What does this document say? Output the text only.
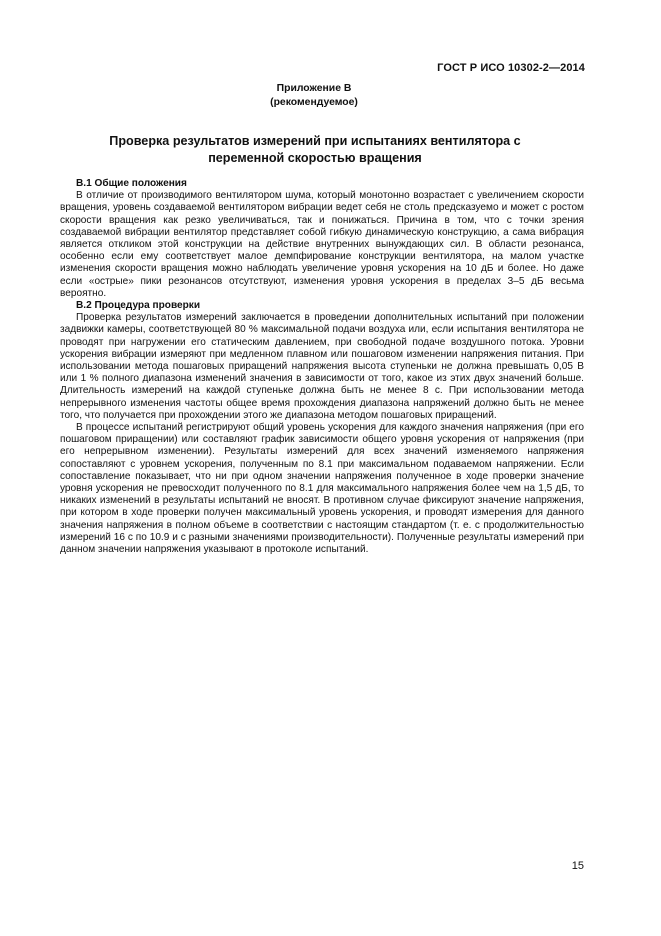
ГОСТ Р ИСО 10302-2—2014
Приложение В
(рекомендуемое)
Проверка результатов измерений при испытаниях вентилятора с переменной скоростью вращения

В.1 Общие положения

В отличие от производимого вентилятором шума, который монотонно возрастает с увеличением скорости вращения, уровень создаваемой вентилятором вибрации ведет себя не столь предсказуемо и может с ростом скорости вращения как резко увеличиваться, так и понижаться. Причина в том, что с точки зрения создаваемой вибрации вентилятор представляет собой гибкую динамическую конструкцию, а сама вибрация является откликом этой конструкции на действие внутренних вынуждающих сил. В области резонанса, особенно если ему соответствует малое демпфирование конструкции вентилятора, на малом участке изменения скорости вращения можно наблюдать увеличение уровня ускорения на 10 дБ и более. Но даже если «острые» пики резонансов отсутствуют, изменения уровня ускорения в пределах 3–5 дБ весьма вероятно.

В.2 Процедура проверки

Проверка результатов измерений заключается в проведении дополнительных испытаний при положении задвижки камеры, соответствующей 80 % максимальной подачи воздуха или, если испытания вентилятора не проводят при нагружении его статическим давлением, при свободной подаче воздушного потока. Уровни ускорения вибрации измеряют при медленном плавном или пошаговом изменении напряжения питания. При использовании метода пошаговых приращений напряжения высота ступеньки не должна превышать 0,05 В или 1 % полного диапазона изменений значения в зависимости от того, какое из этих двух значений больше. Длительность измерений на каждой ступеньке должна быть не менее 8 с. При использовании метода непрерывного изменения частоты общее время прохождения диапазона напряжений должно быть не менее того, что получается при прохождении этого же диапазона методом пошаговых приращений.

В процессе испытаний регистрируют общий уровень ускорения для каждого значения напряжения (при его пошаговом приращении) или составляют график зависимости общего уровня ускорения от напряжения (при его непрерывном изменении). Результаты измерений для всех значений изменяемого напряжения сопоставляют с уровнем ускорения, полученным по 8.1 при максимальном подаваемом напряжении. Если сопоставление показывает, что ни при одном значении напряжения полученное в ходе проверки значение уровня ускорения не превосходит полученного по 8.1 для максимального напряжения более чем на 1,5 дБ, то никаких изменений в результаты испытаний не вносят. В противном случае фиксируют значение напряжения, при котором в ходе проверки получен максимальный уровень ускорения, и проводят измерения для данного значения напряжения в полном объеме в соответствии с настоящим стандартом (т. е. с продолжительностью измерений 16 с по 10.9 и с разными значениями производительности). Полученные результаты измерений при данном значении напряжения указывают в протоколе испытаний.

15
